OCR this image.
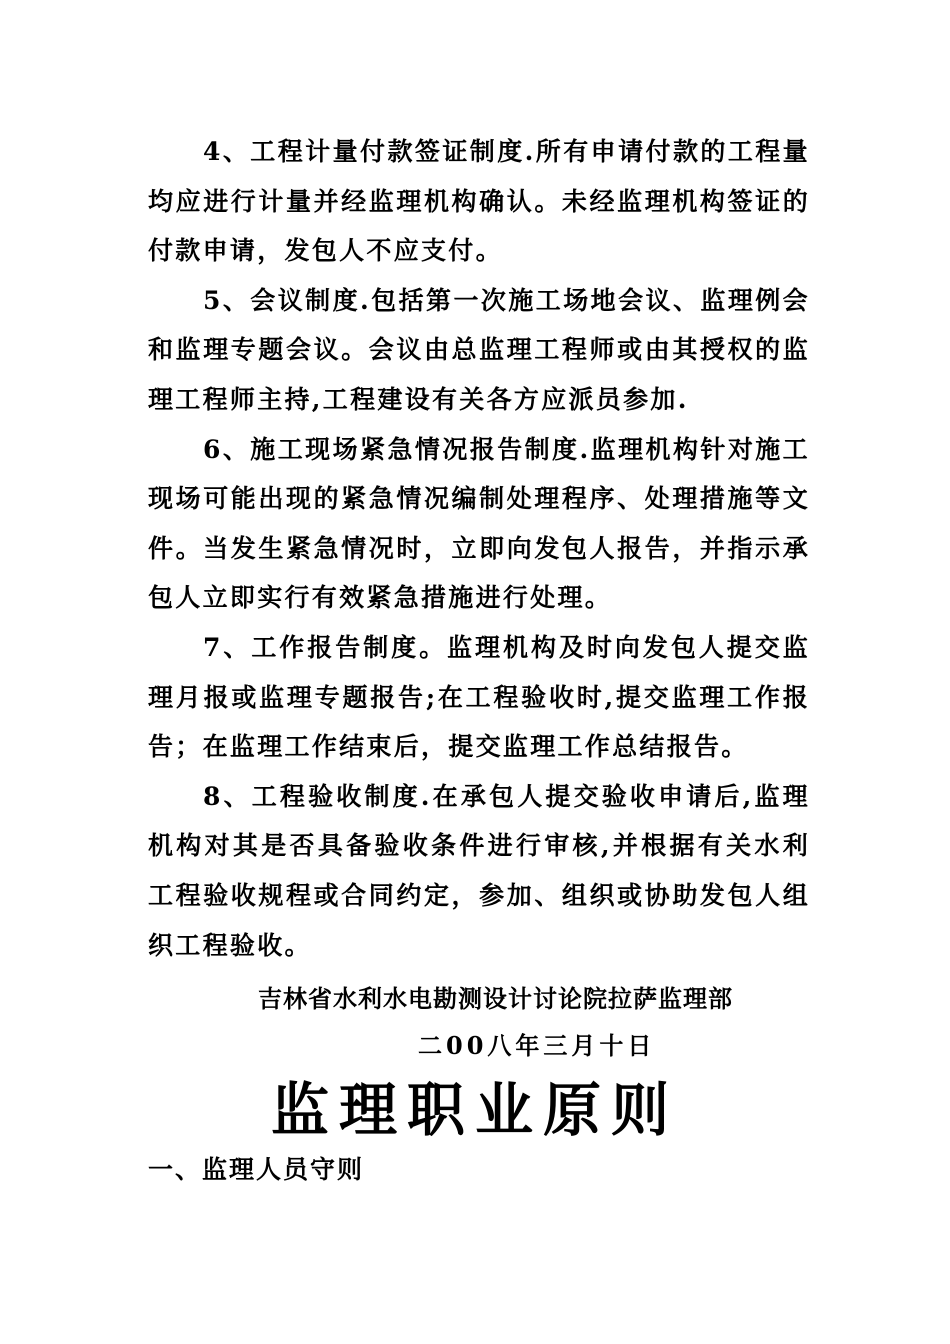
4、工程计量付款签证制度.所有申请付款的工程量均应进行计量并经监理机构确认。未经监理机构签证的付款申请，发包人不应支付。

5、会议制度.包括第一次施工场地会议、监理例会和监理专题会议。会议由总监理工程师或由其授权的监理工程师主持,工程建设有关各方应派员参加.

6、施工现场紧急情况报告制度.监理机构针对施工现场可能出现的紧急情况编制处理程序、处理措施等文件。当发生紧急情况时，立即向发包人报告，并指示承包人立即实行有效紧急措施进行处理。

7、工作报告制度。监理机构及时向发包人提交监理月报或监理专题报告;在工程验收时,提交监理工作报告；在监理工作结束后，提交监理工作总结报告。

8、工程验收制度.在承包人提交验收申请后,监理机构对其是否具备验收条件进行审核,并根据有关水利工程验收规程或合同约定，参加、组织或协助发包人组织工程验收。

吉林省水利水电勘测设计讨论院拉萨监理部
二00八年三月十日
监理职业原则
一、监理人员守则
